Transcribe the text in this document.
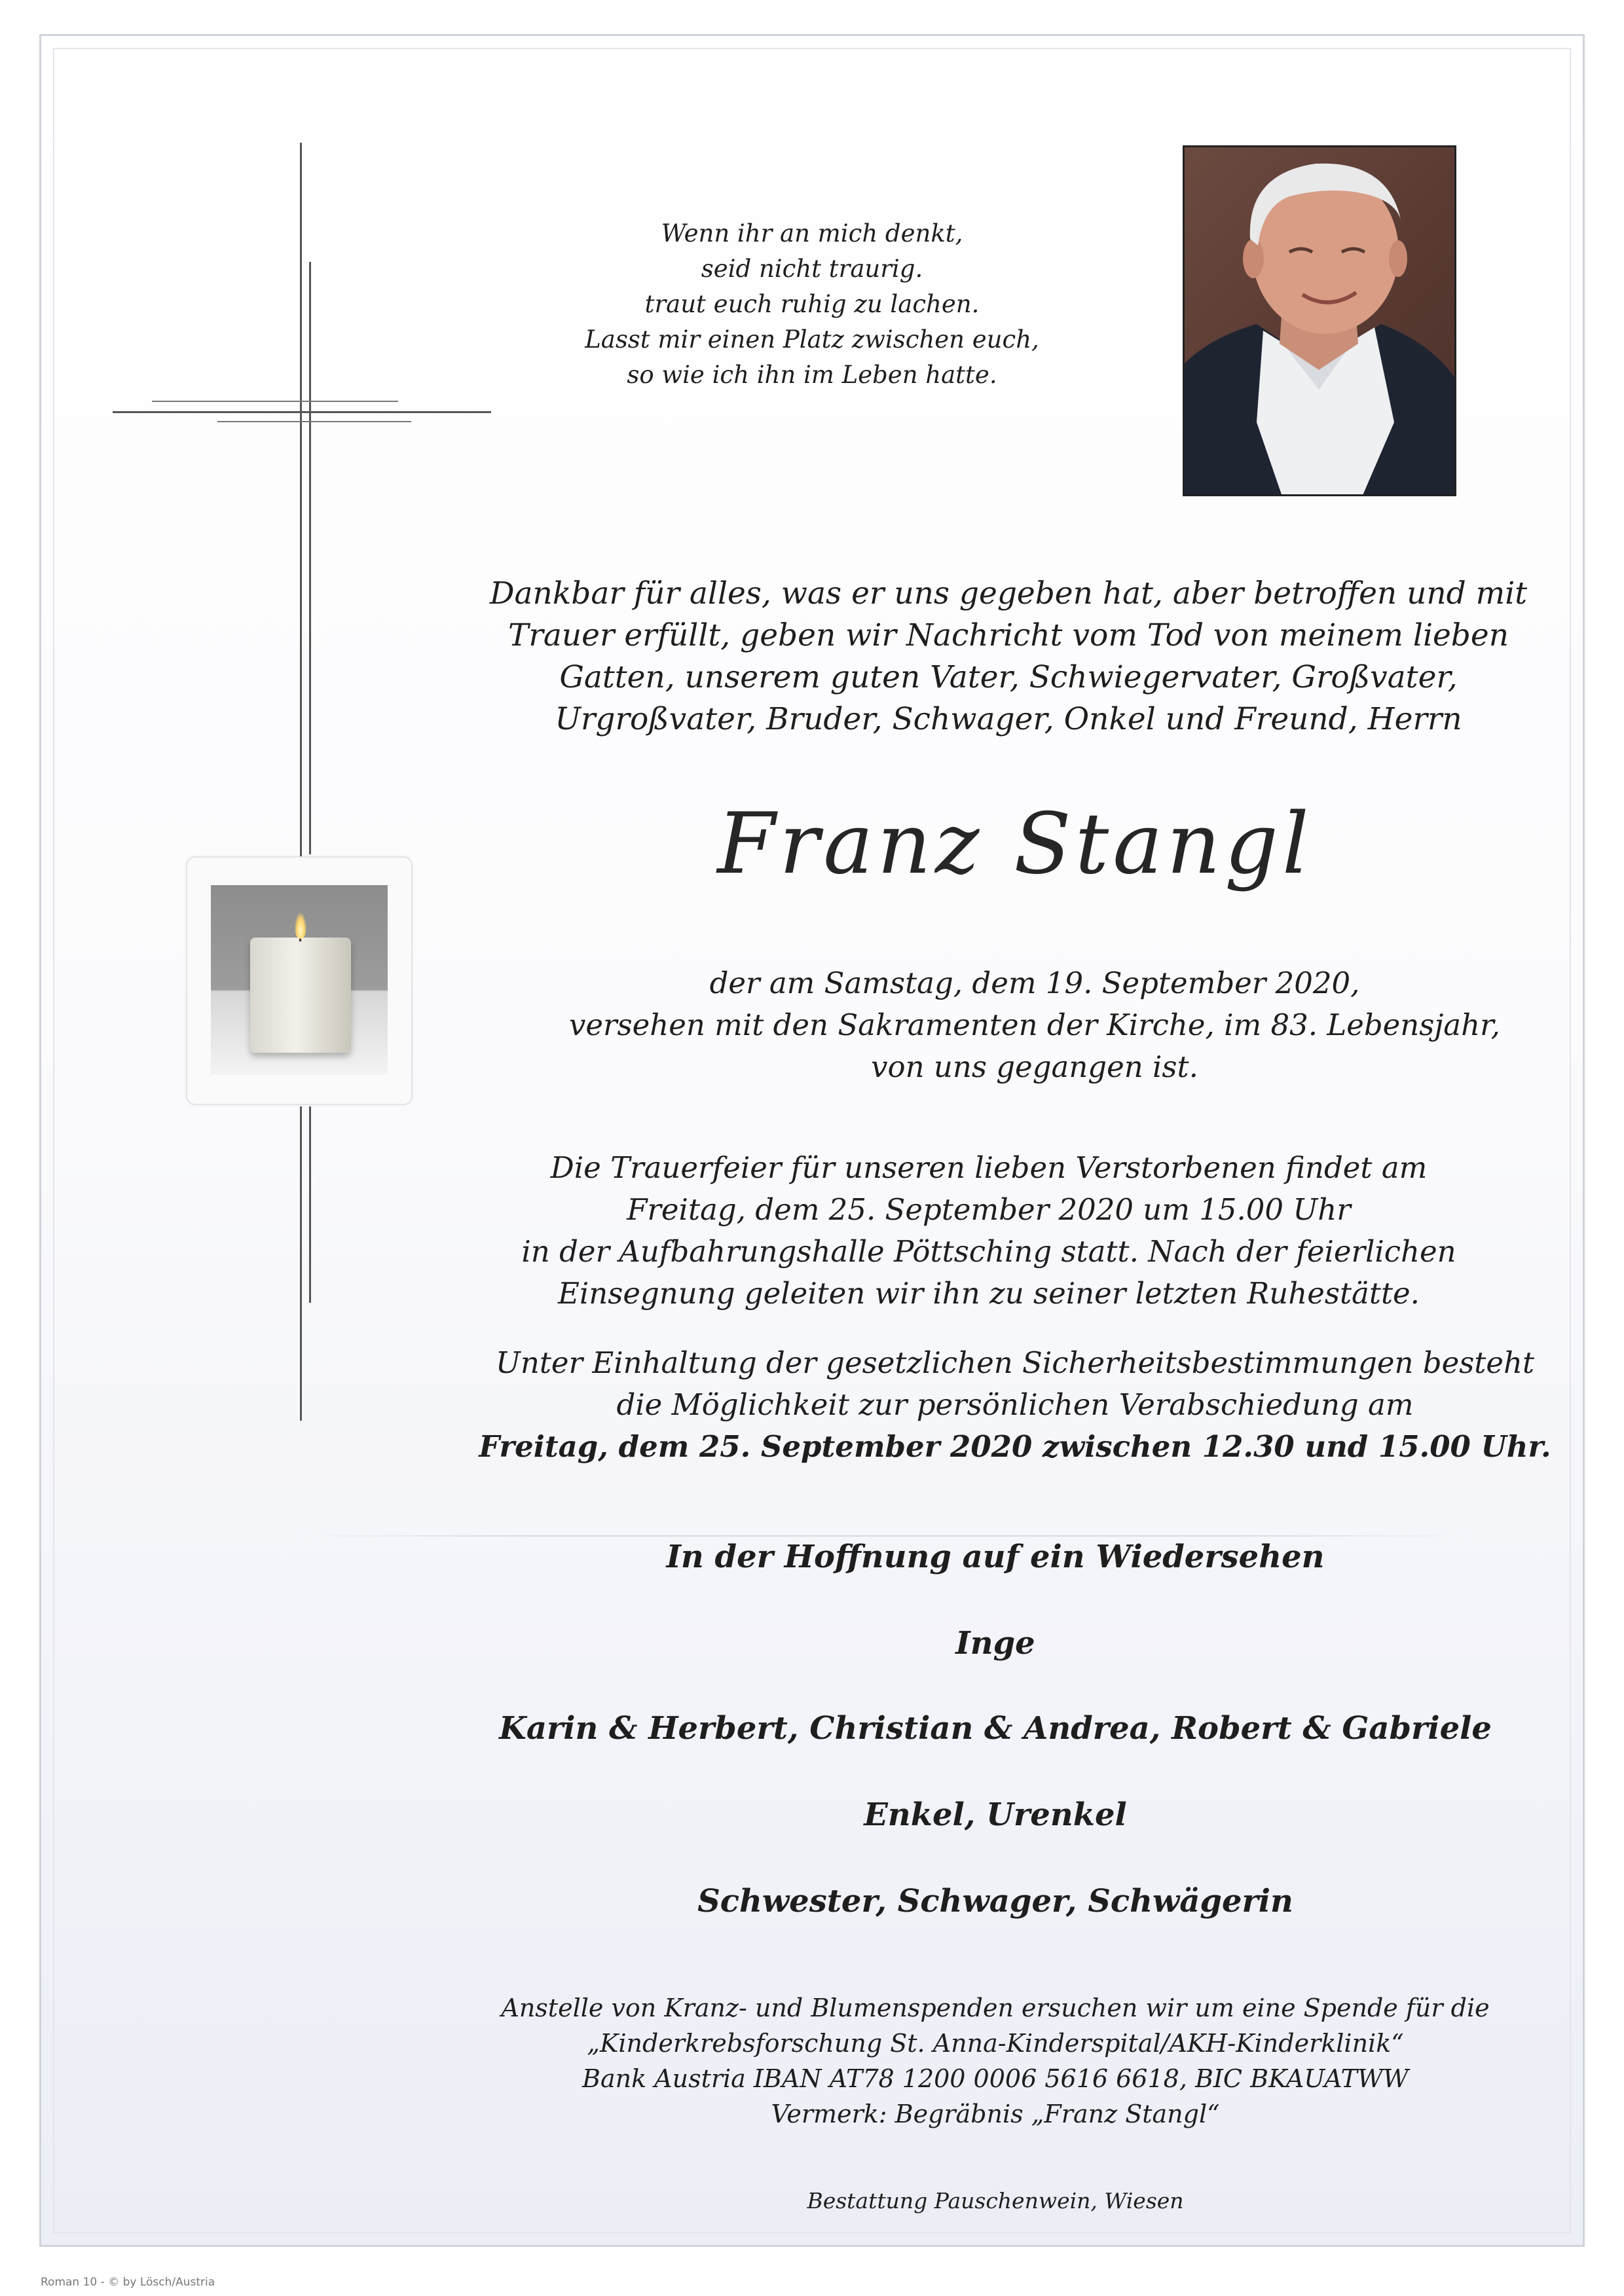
Wenn ihr an mich denkt,
seid nicht traurig.
traut euch ruhig zu lachen.
Lasst mir einen Platz zwischen euch,
so wie ich ihn im Leben hatte.
Dankbar für alles, was er uns gegeben hat, aber betroffen und mit
Trauer erfüllt, geben wir Nachricht vom Tod von meinem lieben
Gatten, unserem guten Vater, Schwiegervater, Großvater,
Urgroßvater, Bruder, Schwager, Onkel und Freund, Herrn
Franz Stangl
der am Samstag, dem 19. September 2020,
versehen mit den Sakramenten der Kirche, im 83. Lebensjahr,
von uns gegangen ist.
Die Trauerfeier für unseren lieben Verstorbenen findet am
Freitag, dem 25. September 2020 um 15.00 Uhr
in der Aufbahrungshalle Pöttsching statt. Nach der feierlichen
Einsegnung geleiten wir ihn zu seiner letzten Ruhestätte.
Unter Einhaltung der gesetzlichen Sicherheitsbestimmungen besteht
die Möglichkeit zur persönlichen Verabschiedung am
Freitag, dem 25. September 2020 zwischen 12.30 und 15.00 Uhr.
In der Hoffnung auf ein Wiedersehen
Inge
Karin & Herbert, Christian & Andrea, Robert & Gabriele
Enkel, Urenkel
Schwester, Schwager, Schwägerin
Anstelle von Kranz- und Blumenspenden ersuchen wir um eine Spende für die
„Kinderkrebsforschung St. Anna-Kinderspital/AKH-Kinderklinik“
Bank Austria IBAN AT78 1200 0006 5616 6618, BIC BKAUATWW
Vermerk: Begräbnis „Franz Stangl“
Bestattung Pauschenwein, Wiesen
Roman 10 - © by Lösch/Austria
